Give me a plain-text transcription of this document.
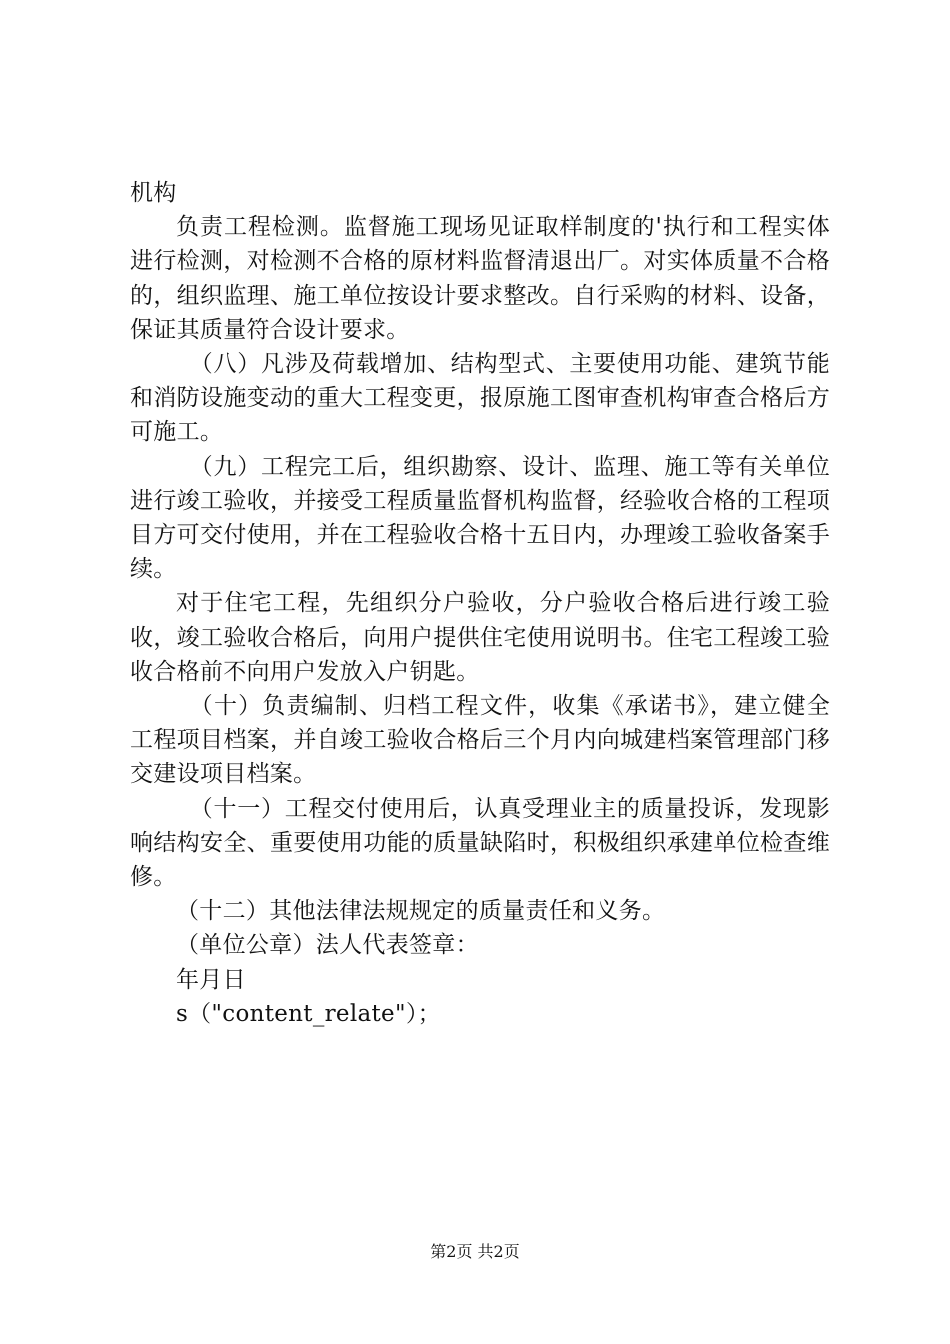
机构

负责工程检测。监督施工现场见证取样制度的'执行和工程实体进行检测，对检测不合格的原材料监督清退出厂。对实体质量不合格的，组织监理、施工单位按设计要求整改。自行采购的材料、设备，保证其质量符合设计要求。

（八）凡涉及荷载增加、结构型式、主要使用功能、建筑节能和消防设施变动的重大工程变更，报原施工图审查机构审查合格后方可施工。

（九）工程完工后，组织勘察、设计、监理、施工等有关单位进行竣工验收，并接受工程质量监督机构监督，经验收合格的工程项目方可交付使用，并在工程验收合格十五日内，办理竣工验收备案手续。

对于住宅工程，先组织分户验收，分户验收合格后进行竣工验收，竣工验收合格后，向用户提供住宅使用说明书。住宅工程竣工验收合格前不向用户发放入户钥匙。

（十）负责编制、归档工程文件，收集《承诺书》，建立健全工程项目档案，并自竣工验收合格后三个月内向城建档案管理部门移交建设项目档案。

（十一）工程交付使用后，认真受理业主的质量投诉，发现影响结构安全、重要使用功能的质量缺陷时，积极组织承建单位检查维修。

（十二）其他法律法规规定的质量责任和义务。

（单位公章）法人代表签章：

年月日

s（"content_relate"）；

第2页 共2页
